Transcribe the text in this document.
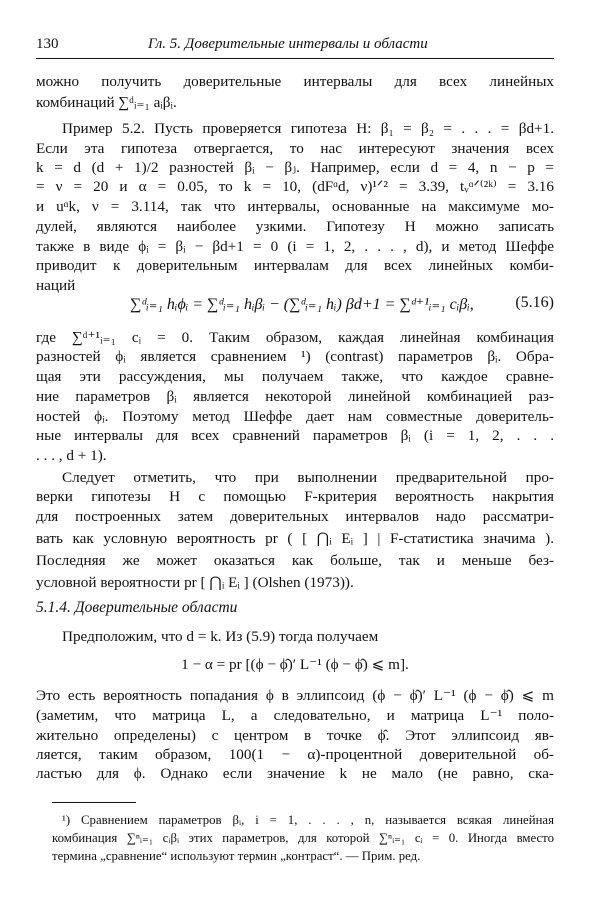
130	Гл. 5. Доверительные интервалы и области
можно получить доверительные интервалы для всех линейных
комбинаций ∑ᵈᵢ₌₁ aᵢβᵢ.
Пример 5.2. Пусть проверяется гипотеза H: β₁ = β₂ = . . . = βd+1.
Если эта гипотеза отвергается, то нас интересуют значения всех
k = d (d + 1)/2 разностей βᵢ − βⱼ. Например, если d = 4, n − p =
= ν = 20 и α = 0.05, то k = 10, (dFᵅd, ν)¹ᐟ² = 3.39, tᵥᵅᐟ⁽²ᵏ⁾ = 3.16
и uᵅk, ν = 3.114, так что интервалы, основанные на максимуме мо-
дулей, являются наиболее узкими. Гипотезу H можно записать
также в виде ϕᵢ = βᵢ − βd+1 = 0 (i = 1, 2, . . . , d), и метод Шеффе
приводит к доверительным интервалам для всех линейных комби-
наций
∑ᵈᵢ₌₁ hᵢϕᵢ = ∑ᵈᵢ₌₁ hᵢβᵢ − (∑ᵈᵢ₌₁ hᵢ) βd+1 = ∑ᵈ⁺¹ᵢ₌₁ cᵢβᵢ,	(5.16)
где ∑ᵈ⁺¹ᵢ₌₁ cᵢ = 0. Таким образом, каждая линейная комбинация
разностей ϕᵢ является сравнением ¹) (contrast) параметров βᵢ. Обра-
щая эти рассуждения, мы получаем также, что каждое сравне-
ние параметров βᵢ является некоторой линейной комбинацией раз-
ностей ϕᵢ. Поэтому метод Шеффе дает нам совместные доверитель-
ные интервалы для всех сравнений параметров βᵢ (i = 1, 2, . . .
. . . , d + 1).
Следует отметить, что при выполнении предварительной про-
верки гипотезы H с помощью F-критерия вероятность накрытия
для построенных затем доверительных интервалов надо рассматри-
вать как условную вероятность pr ( [ ⋂ᵢ Eᵢ ] | F-статистика значима ).
Последняя же может оказаться как больше, так и меньше без-
условной вероятности pr [ ⋂ᵢ Eᵢ ] (Olshen (1973)).
5.1.4. Доверительные области
Предположим, что d = k. Из (5.9) тогда получаем
1 − α = pr [(ϕ − ϕ̂)′ L⁻¹ (ϕ − ϕ̂) ⩽ m].
Это есть вероятность попадания ϕ в эллипсоид (ϕ − ϕ̂)′ L⁻¹ (ϕ − ϕ̂) ⩽ m
(заметим, что матрица L, а следовательно, и матрица L⁻¹ поло-
жительно определены) с центром в точке ϕ̂. Этот эллипсоид яв-
ляется, таким образом, 100(1 − α)-процентной доверительной об-
ластью для ϕ. Однако если значение k не мало (не равно, ска-
¹) Сравнением параметров βᵢ, i = 1, . . . , n, называется всякая линейная
комбинация ∑ⁿᵢ₌₁ cᵢβᵢ этих параметров, для которой ∑ⁿᵢ₌₁ cᵢ = 0. Иногда вместо
термина „сравнение“ используют термин „контраст“. — Прим. ред.
